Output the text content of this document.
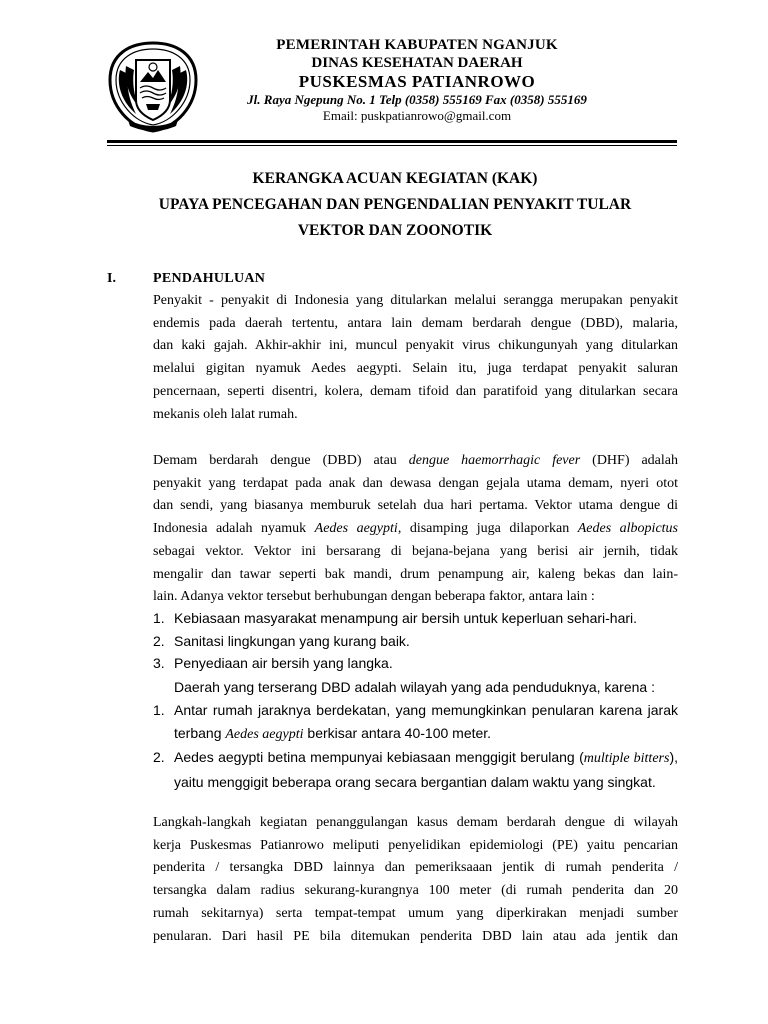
PEMERINTAH KABUPATEN NGANJUK
DINAS KESEHATAN DAERAH
PUSKESMAS PATIANROWO
Jl. Raya Ngepung No. 1 Telp (0358) 555169 Fax (0358) 555169
Email: puskpatianrowo@gmail.com
KERANGKA ACUAN KEGIATAN (KAK)
UPAYA PENCEGAHAN DAN PENGENDALIAN PENYAKIT TULAR
VEKTOR DAN ZOONOTIK
I.	PENDAHULUAN
Penyakit - penyakit di Indonesia yang ditularkan melalui serangga merupakan penyakit
endemis pada daerah tertentu, antara lain demam berdarah dengue (DBD), malaria,
dan kaki gajah. Akhir-akhir ini, muncul penyakit virus chikungunyah yang ditularkan
melalui gigitan nyamuk Aedes aegypti. Selain itu, juga terdapat penyakit saluran
pencernaan, seperti disentri, kolera, demam tifoid dan paratifoid yang ditularkan secara
mekanis oleh lalat rumah.
Demam berdarah dengue (DBD) atau dengue haemorrhagic fever (DHF) adalah
penyakit yang terdapat pada anak dan dewasa dengan gejala utama demam, nyeri otot
dan sendi, yang biasanya memburuk setelah dua hari pertama. Vektor utama dengue di
Indonesia adalah nyamuk Aedes aegypti, disamping juga dilaporkan Aedes albopictus
sebagai vektor. Vektor ini bersarang di bejana-bejana yang berisi air jernih, tidak
mengalir dan tawar seperti bak mandi, drum penampung air, kaleng bekas dan lain-
lain. Adanya vektor tersebut berhubungan dengan beberapa faktor, antara lain :
1. Kebiasaan masyarakat menampung air bersih untuk keperluan sehari-hari.
2. Sanitasi lingkungan yang kurang baik.
3. Penyediaan air bersih yang langka.
Daerah yang terserang DBD adalah wilayah yang ada penduduknya, karena :
1. Antar rumah jaraknya berdekatan, yang memungkinkan penularan karena jarak
terbang Aedes aegypti berkisar antara 40-100 meter.
2. Aedes aegypti betina mempunyai kebiasaan menggigit berulang (multiple bitters),
yaitu menggigit beberapa orang secara bergantian dalam waktu yang singkat.
Langkah-langkah kegiatan penanggulangan kasus demam berdarah dengue di wilayah
kerja Puskesmas Patianrowo meliputi penyelidikan epidemiologi (PE) yaitu pencarian
penderita / tersangka DBD lainnya dan pemeriksaaan jentik di rumah penderita /
tersangka dalam radius sekurang-kurangnya 100 meter (di rumah penderita dan 20
rumah sekitarnya) serta tempat-tempat umum yang diperkirakan menjadi sumber
penularan. Dari hasil PE bila ditemukan penderita DBD lain atau ada jentik dan
